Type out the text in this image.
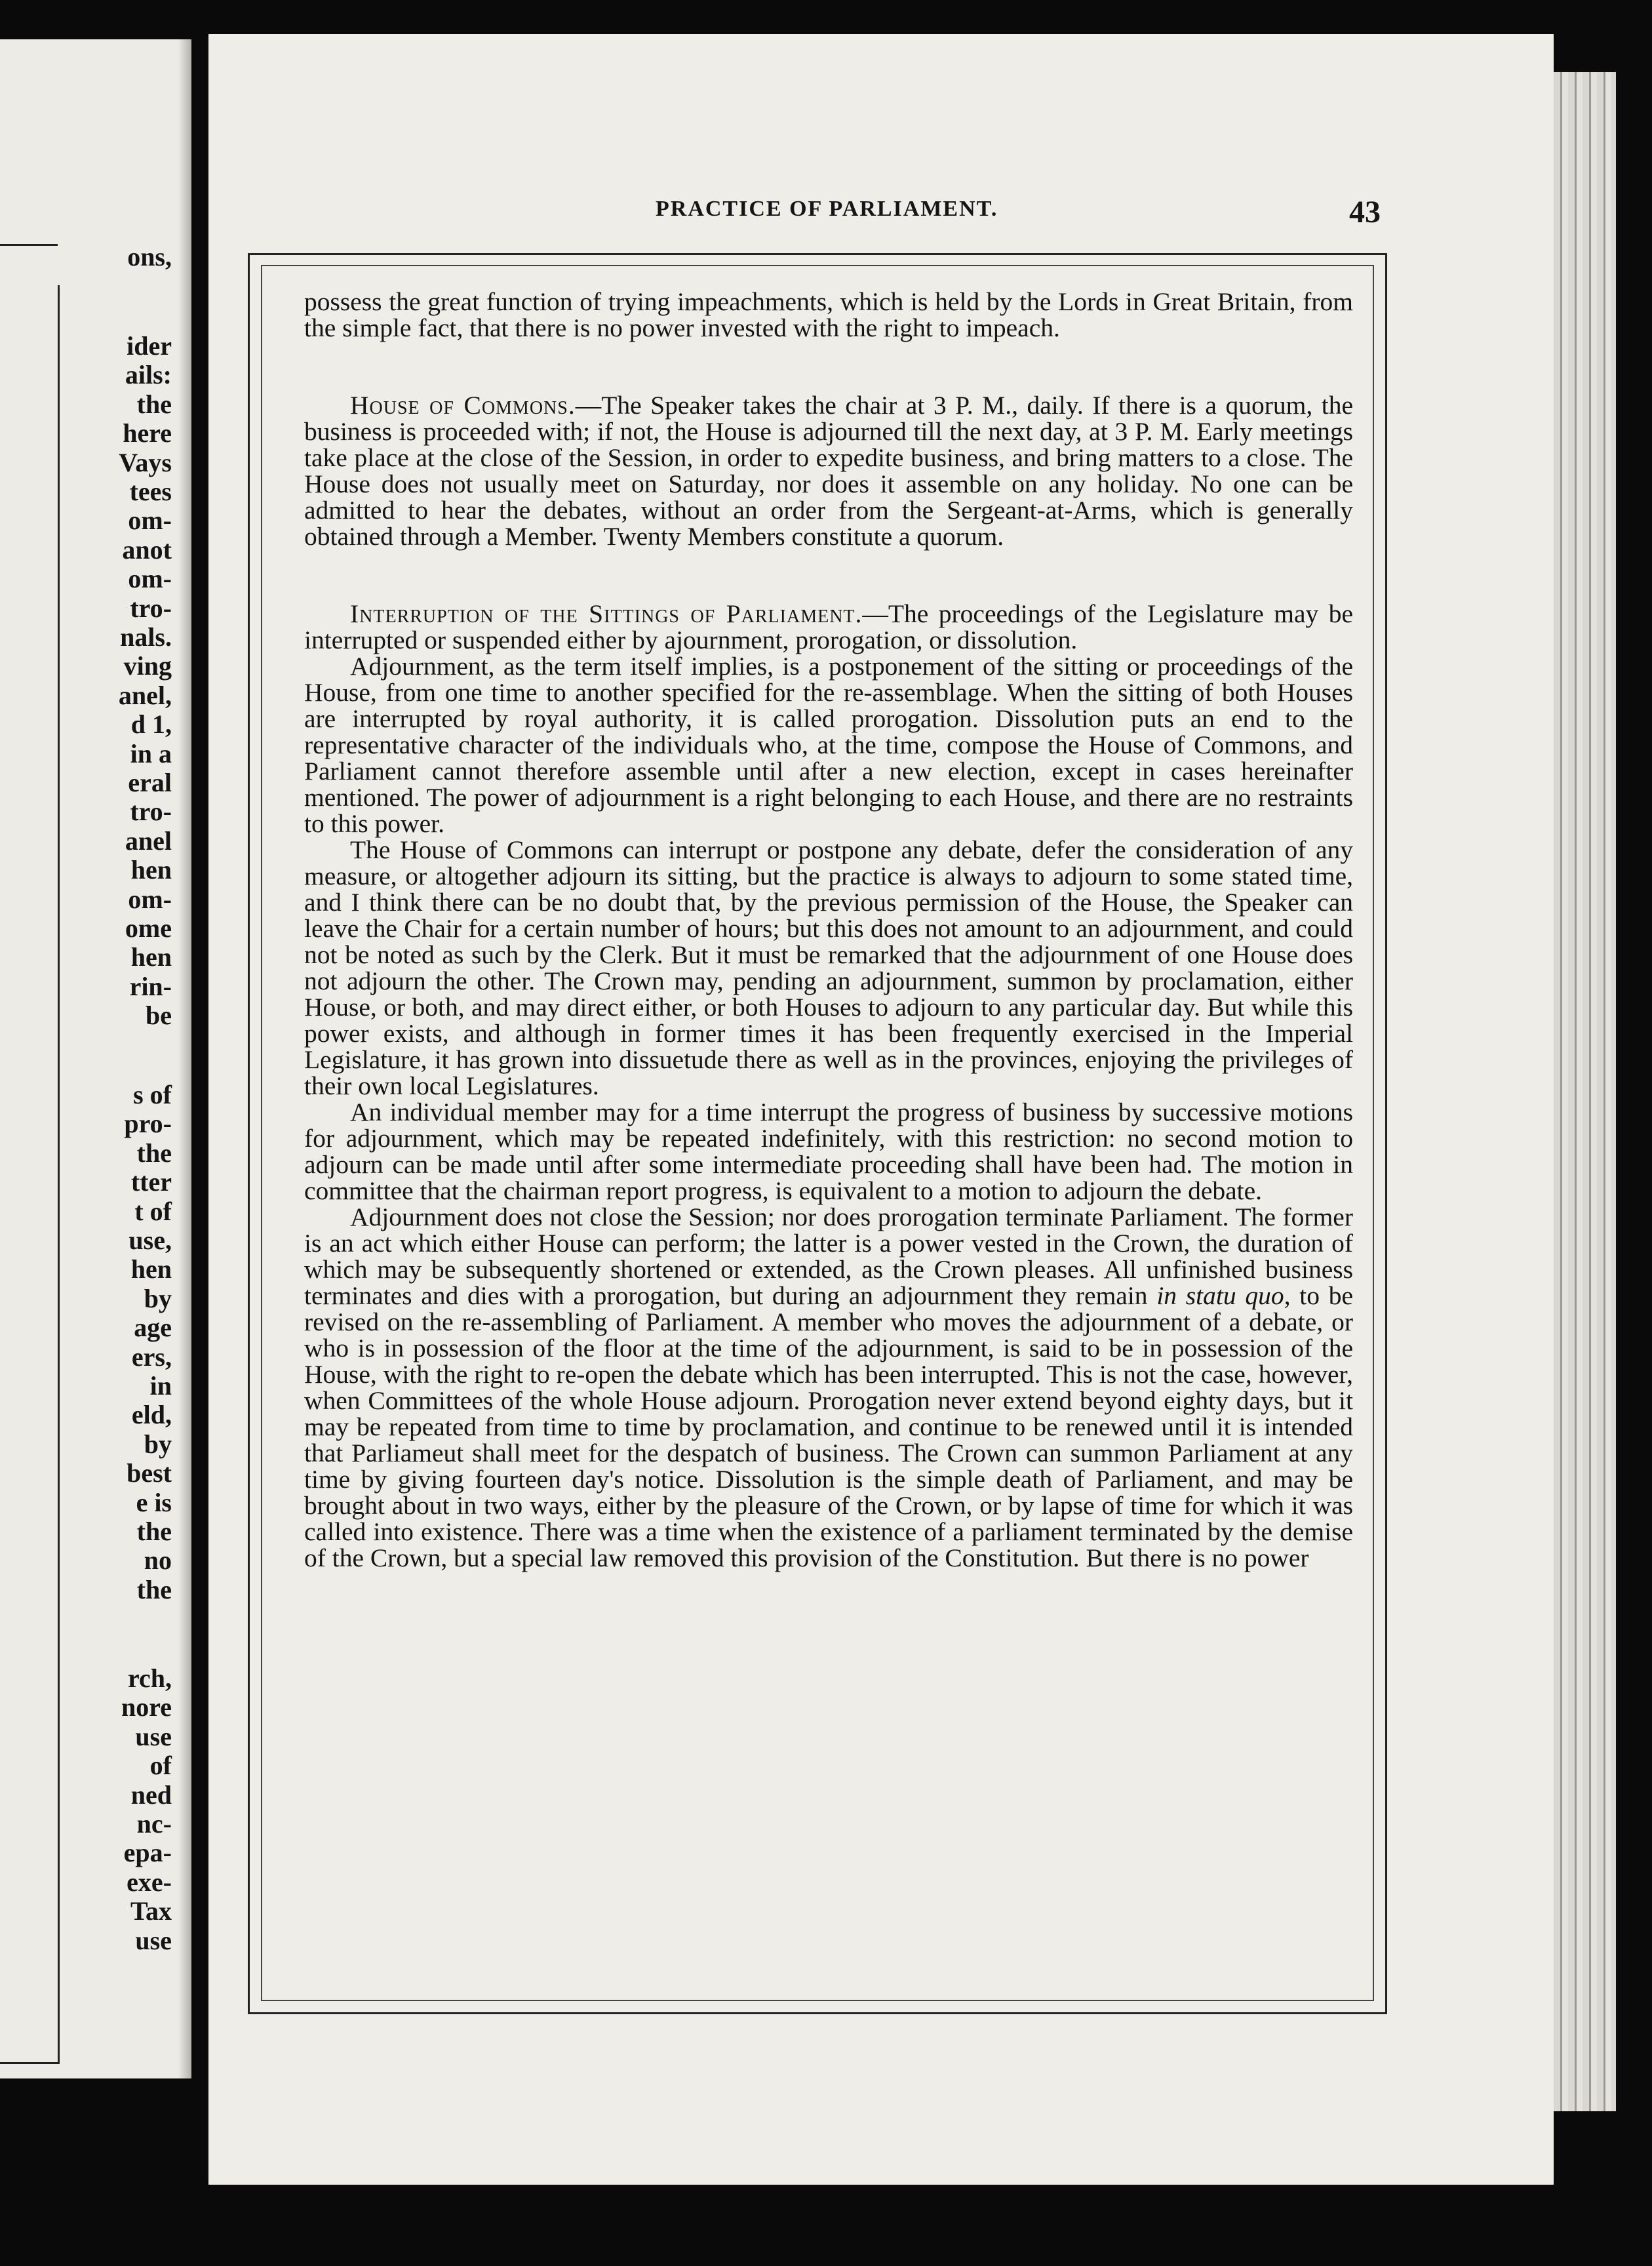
ons,
ider
ails:
the
here
Vays
tees
om-
anot
om-
tro-
nals.
ving
anel,
d 1,
in a
eral
tro-
anel
hen
om-
ome
hen
rin-
be
s of
pro-
the
tter
t of
use,
hen
by
age
ers,
in
eld,
by
best
e is
the
no
the
rch,
nore
use
of
ned
nc-
epa-
exe-
Tax
use
PRACTICE OF PARLIAMENT.	43

possess the great function of trying impeachments, which is held by the Lords in Great Britain, from the simple fact, that there is no power invested with the right to impeach.

House of Commons.—The Speaker takes the chair at 3 P. M., daily. If there is a quorum, the business is proceeded with; if not, the House is adjourned till the next day, at 3 P. M. Early meetings take place at the close of the Session, in order to expedite business, and bring matters to a close. The House does not usually meet on Saturday, nor does it assemble on any holiday. No one can be admitted to hear the debates, without an order from the Sergeant-at-Arms, which is generally obtained through a Member. Twenty Members constitute a quorum.

Interruption of the Sittings of Parliament.—The proceedings of the Legislature may be interrupted or suspended either by ajournment, prorogation, or dissolution.

Adjournment, as the term itself implies, is a postponement of the sitting or proceedings of the House, from one time to another specified for the re-assemblage. When the sitting of both Houses are interrupted by royal authority, it is called prorogation. Dissolution puts an end to the representative character of the individuals who, at the time, compose the House of Commons, and Parliament cannot therefore assemble until after a new election, except in cases hereinafter mentioned. The power of adjournment is a right belonging to each House, and there are no restraints to this power.

The House of Commons can interrupt or postpone any debate, defer the consideration of any measure, or altogether adjourn its sitting, but the practice is always to adjourn to some stated time, and I think there can be no doubt that, by the previous permission of the House, the Speaker can leave the Chair for a certain number of hours; but this does not amount to an adjournment, and could not be noted as such by the Clerk. But it must be remarked that the adjournment of one House does not adjourn the other. The Crown may, pending an adjournment, summon by proclamation, either House, or both, and may direct either, or both Houses to adjourn to any particular day. But while this power exists, and although in former times it has been frequently exercised in the Imperial Legislature, it has grown into dissuetude there as well as in the provinces, enjoying the privileges of their own local Legislatures.

An individual member may for a time interrupt the progress of business by successive motions for adjournment, which may be repeated indefinitely, with this restriction: no second motion to adjourn can be made until after some intermediate proceeding shall have been had. The motion in committee that the chairman report progress, is equivalent to a motion to adjourn the debate.

Adjournment does not close the Session; nor does prorogation terminate Parliament. The former is an act which either House can perform; the latter is a power vested in the Crown, the duration of which may be subsequently shortened or extended, as the Crown pleases. All unfinished business terminates and dies with a prorogation, but during an adjournment they remain in statu quo, to be revised on the re-assembling of Parliament. A member who moves the adjournment of a debate, or who is in possession of the floor at the time of the adjournment, is said to be in possession of the House, with the right to re-open the debate which has been interrupted. This is not the case, however, when Committees of the whole House adjourn. Prorogation never extend beyond eighty days, but it may be repeated from time to time by proclamation, and continue to be renewed until it is intended that Parliameut shall meet for the despatch of business. The Crown can summon Parliament at any time by giving fourteen day's notice. Dissolution is the simple death of Parliament, and may be brought about in two ways, either by the pleasure of the Crown, or by lapse of time for which it was called into existence. There was a time when the existence of a parliament terminated by the demise of the Crown, but a special law removed this provision of the Constitution. But there is no power
